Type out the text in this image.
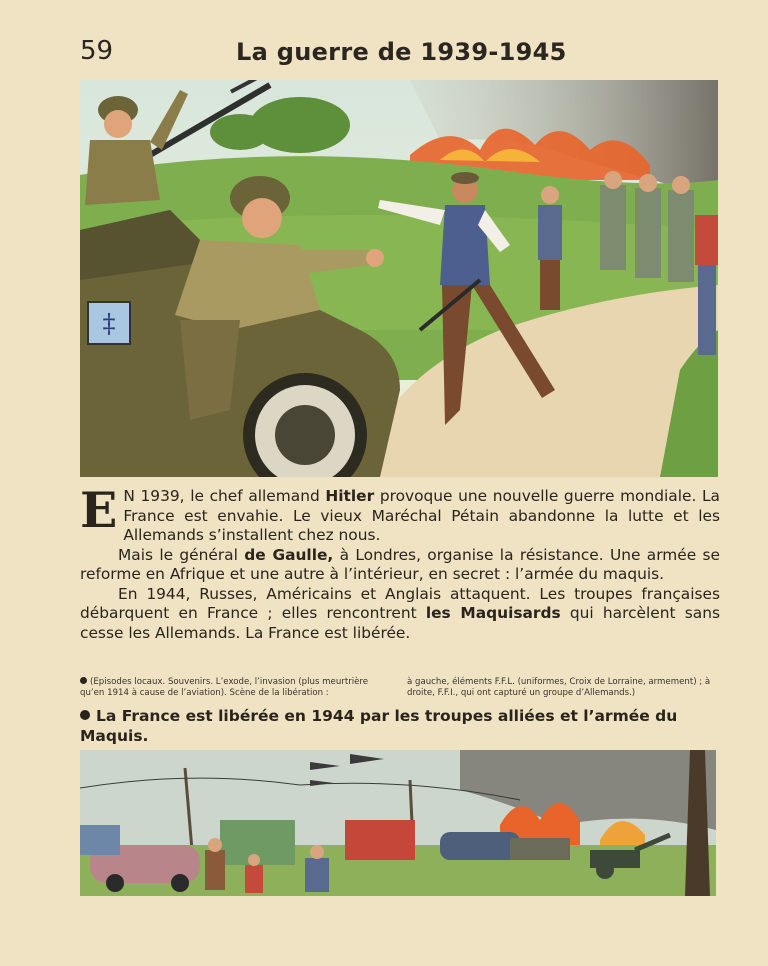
59	La guerre de 1939-1945
‡

E N 1939, le chef allemand Hitler provoque une nouvelle guerre mondiale. La France est envahie. Le vieux Maréchal Pétain abandonne la lutte et les Allemands s’installent chez nous.

Mais le général de Gaulle, à Londres, organise la résistance. Une armée se reforme en Afrique et une autre à l’intérieur, en secret : l’armée du maquis.

En 1944, Russes, Américains et Anglais attaquent. Les troupes françaises débarquent en France ; elles rencontrent les Maquisards qui harcèlent sans cesse les Allemands. La France est libérée.

(Episodes locaux. Souvenirs. L’exode, l’invasion (plus meurtrière qu’en 1914 à cause de l’aviation). Scène de la libération :
à gauche, éléments F.F.L. (uniformes, Croix de Lorraine, armement) ; à droite, F.F.I., qui ont capturé un groupe d’Allemands.)
La France est libérée en 1944 par les troupes alliées et l’armée du Maquis.
